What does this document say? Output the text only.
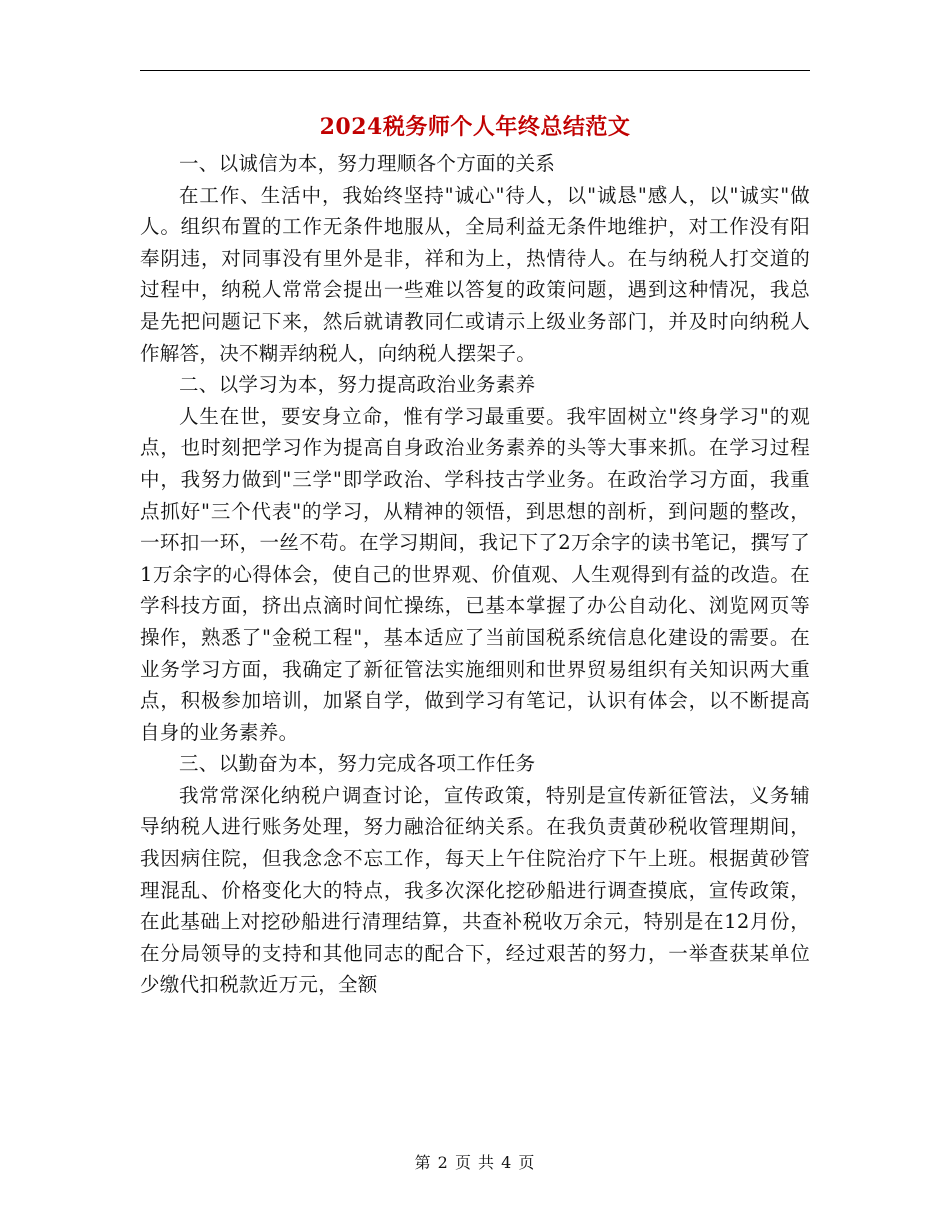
2024税务师个人年终总结范文

一、以诚信为本，努力理顺各个方面的关系

在工作、生活中，我始终坚持"诚心"待人，以"诚恳"感人，以"诚实"做人。组织布置的工作无条件地服从，全局利益无条件地维护，对工作没有阳奉阴违，对同事没有里外是非，祥和为上，热情待人。在与纳税人打交道的过程中，纳税人常常会提出一些难以答复的政策问题，遇到这种情况，我总是先把问题记下来，然后就请教同仁或请示上级业务部门，并及时向纳税人作解答，决不糊弄纳税人，向纳税人摆架子。

二、以学习为本，努力提高政治业务素养

人生在世，要安身立命，惟有学习最重要。我牢固树立"终身学习"的观点，也时刻把学习作为提高自身政治业务素养的头等大事来抓。在学习过程中，我努力做到"三学"即学政治、学科技古学业务。在政治学习方面，我重点抓好"三个代表"的学习，从精神的领悟，到思想的剖析，到问题的整改，一环扣一环，一丝不苟。在学习期间，我记下了2万余字的读书笔记，撰写了1万余字的心得体会，使自己的世界观、价值观、人生观得到有益的改造。在学科技方面，挤出点滴时间忙操练，已基本掌握了办公自动化、浏览网页等操作，熟悉了"金税工程"，基本适应了当前国税系统信息化建设的需要。在业务学习方面，我确定了新征管法实施细则和世界贸易组织有关知识两大重点，积极参加培训，加紧自学，做到学习有笔记，认识有体会，以不断提高自身的业务素养。

三、以勤奋为本，努力完成各项工作任务

我常常深化纳税户调查讨论，宣传政策，特别是宣传新征管法，义务辅导纳税人进行账务处理，努力融洽征纳关系。在我负责黄砂税收管理期间，我因病住院，但我念念不忘工作，每天上午住院治疗下午上班。根据黄砂管理混乱、价格变化大的特点，我多次深化挖砂船进行调查摸底，宣传政策，在此基础上对挖砂船进行清理结算，共查补税收万余元，特别是在12月份，在分局领导的支持和其他同志的配合下，经过艰苦的努力，一举查获某单位少缴代扣税款近万元，全额

第 2 页 共 4 页
